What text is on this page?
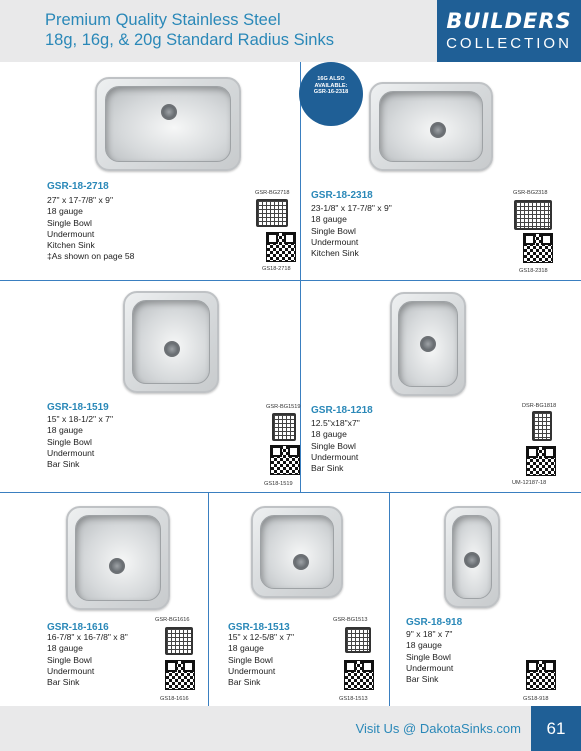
Premium Quality Stainless Steel
18g, 16g, & 20g Standard Radius Sinks
BUILDERS
COLLECTION
16G ALSO
AVAILABLE:
GSR-16-2318
GSR-18-2718
27" x 17-7/8" x 9"
18 gauge
Single Bowl
Undermount
Kitchen Sink
‡As shown on page 58
GSR-BG2718
GS18-2718
GSR-18-2318
23-1/8" x 17-7/8" x 9"
18 gauge
Single Bowl
Undermount
Kitchen Sink
GSR-BG2318
GS18-2318
GSR-18-1519
15" x 18-1/2" x 7"
18 gauge
Single Bowl
Undermount
Bar Sink
GSR-BG1519
GS18-1519
GSR-18-1218
12.5"x18"x7"
18 gauge
Single Bowl
Undermount
Bar Sink
DSR-BG1818
UM-12187-18
GSR-18-1616
16-7/8" x 16-7/8" x 8"
18 gauge
Single Bowl
Undermount
Bar Sink
GSR-BG1616
GS18-1616
GSR-18-1513
15" x 12-5/8" x 7"
18 gauge
Single Bowl
Undermount
Bar Sink
GSR-BG1513
GS18-1513
GSR-18-918
9" x 18" x 7"
18 gauge
Single Bowl
Undermount
Bar Sink
GS18-918
Visit Us @ DakotaSinks.com	61
